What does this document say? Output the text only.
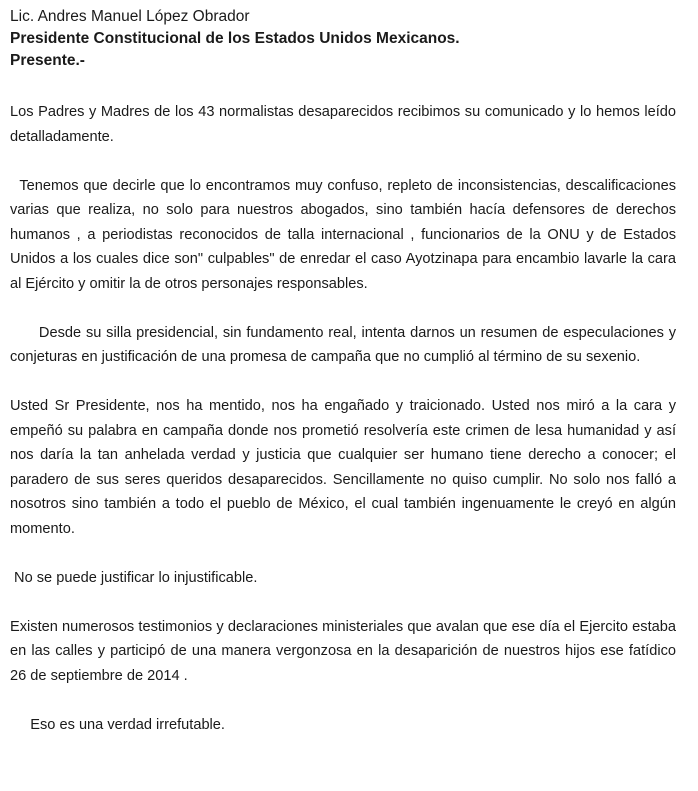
Lic. Andres Manuel López Obrador

Presidente Constitucional de los Estados Unidos Mexicanos.

Presente.-

Los Padres y Madres de los 43 normalistas desaparecidos recibimos su comunicado y lo hemos leído detalladamente.

Tenemos que decirle que lo encontramos muy confuso, repleto de inconsistencias, descalificaciones varias que realiza, no solo para nuestros abogados, sino también hacía defensores de derechos humanos , a periodistas reconocidos de talla internacional , funcionarios de la ONU y de Estados Unidos a los cuales dice son" culpables" de enredar el caso Ayotzinapa para encambio lavarle la cara al Ejército y omitir la de otros personajes responsables.

Desde su silla presidencial, sin fundamento real, intenta darnos un resumen de especulaciones y conjeturas en justificación de una promesa de campaña que no cumplió al término de su sexenio.

Usted Sr Presidente, nos ha mentido, nos ha engañado y traicionado. Usted nos miró a la cara y empeñó su palabra en campaña donde nos prometió resolvería este crimen de lesa humanidad y así nos daría la tan anhelada verdad y justicia que cualquier ser humano tiene derecho a conocer; el paradero de sus seres queridos desaparecidos. Sencillamente no quiso cumplir. No solo nos falló a nosotros sino también a todo el pueblo de México, el cual también ingenuamente le creyó en algún momento.

No se puede justificar lo injustificable.

Existen numerosos testimonios y declaraciones ministeriales que avalan que ese día el Ejercito estaba en las calles y participó de una manera vergonzosa en la desaparición de nuestros hijos ese fatídico 26 de septiembre de 2014 .

Eso es una verdad irrefutable.
